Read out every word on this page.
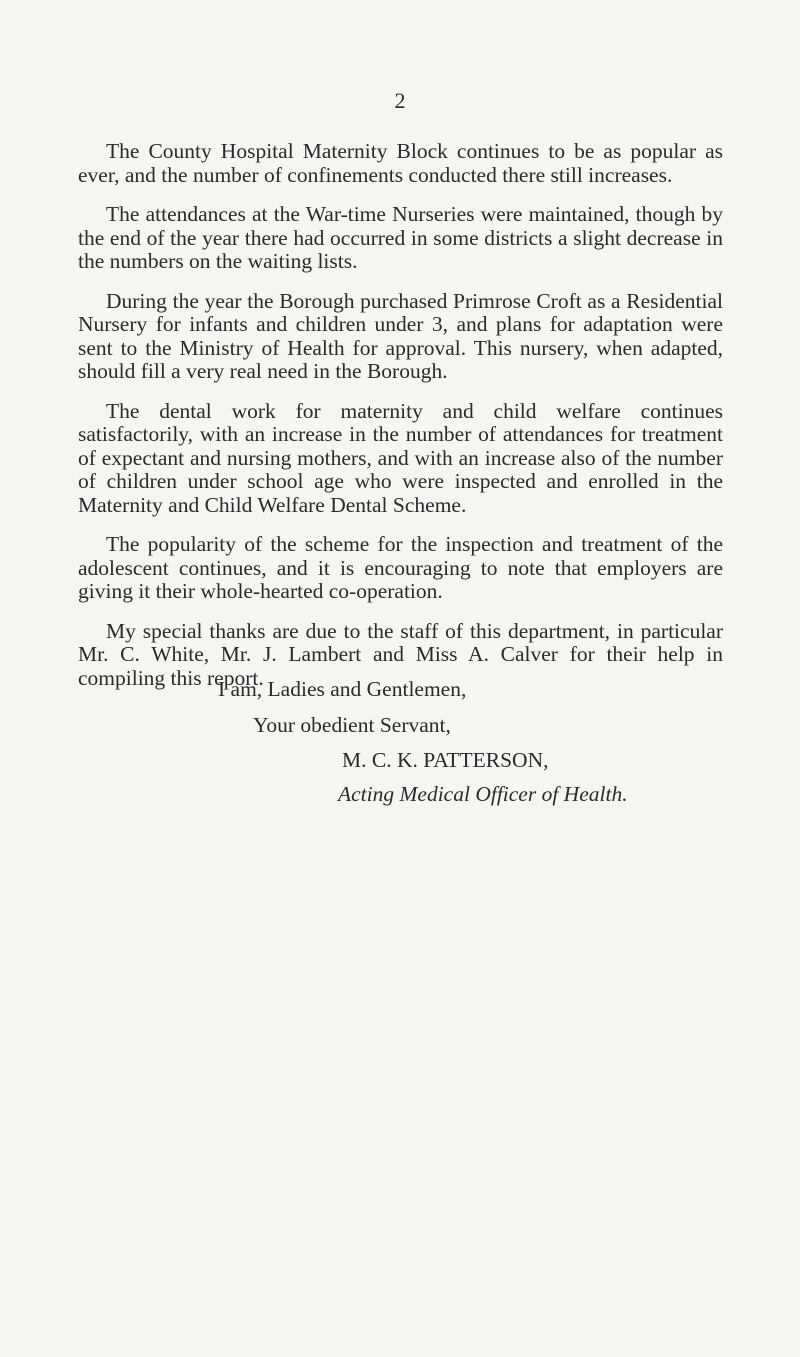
2

The County Hospital Maternity Block continues to be as popular as ever, and the number of confinements conducted there still increases.

The attendances at the War-time Nurseries were maintained, though by the end of the year there had occurred in some districts a slight decrease in the numbers on the waiting lists.

During the year the Borough purchased Primrose Croft as a Residential Nursery for infants and children under 3, and plans for adaptation were sent to the Ministry of Health for approval. This nursery, when adapted, should fill a very real need in the Borough.

The dental work for maternity and child welfare continues satisfactorily, with an increase in the number of attendances for treatment of expectant and nursing mothers, and with an increase also of the number of children under school age who were inspected and enrolled in the Maternity and Child Welfare Dental Scheme.

The popularity of the scheme for the inspection and treatment of the adolescent continues, and it is encouraging to note that employers are giving it their whole-hearted co-operation.

My special thanks are due to the staff of this department, in particular Mr. C. White, Mr. J. Lambert and Miss A. Calver for their help in compiling this report.

I am, Ladies and Gentlemen,
Your obedient Servant,
M. C. K. PATTERSON,
Acting Medical Officer of Health.
